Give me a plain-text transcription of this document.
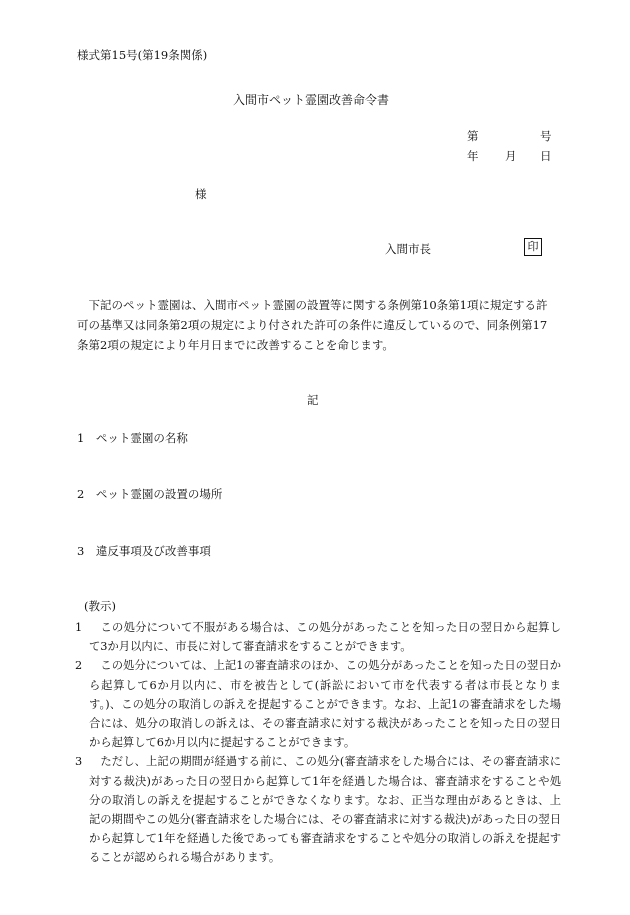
様式第15号(第19条関係)
入間市ペット霊園改善命令書
第	号
年 月 日
様
入間市長	印
　下記のペット霊園は、入間市ペット霊園の設置等に関する条例第10条第1項に規定する許可の基準又は同条第2項の規定により付された許可の条件に違反しているので、同条例第17条第2項の規定により年月日までに改善することを命じます。
記
1　ペット霊園の名称
2　ペット霊園の設置の場所
3　違反事項及び改善事項
(教示)
1 　この処分について不服がある場合は、この処分があったことを知った日の翌日から起算して3か月以内に、市長に対して審査請求をすることができます。
2 　この処分については、上記1の審査請求のほか、この処分があったことを知った日の翌日から起算して6か月以内に、市を被告として(訴訟において市を代表する者は市長となります。)、この処分の取消しの訴えを提起することができます。なお、上記1の審査請求をした場合には、処分の取消しの訴えは、その審査請求に対する裁決があったことを知った日の翌日から起算して6か月以内に提起することができます。
3 　ただし、上記の期間が経過する前に、この処分(審査請求をした場合には、その審査請求に対する裁決)があった日の翌日から起算して1年を経過した場合は、審査請求をすることや処分の取消しの訴えを提起することができなくなります。なお、正当な理由があるときは、上記の期間やこの処分(審査請求をした場合には、その審査請求に対する裁決)があった日の翌日から起算して1年を経過した後であっても審査請求をすることや処分の取消しの訴えを提起することが認められる場合があります。
